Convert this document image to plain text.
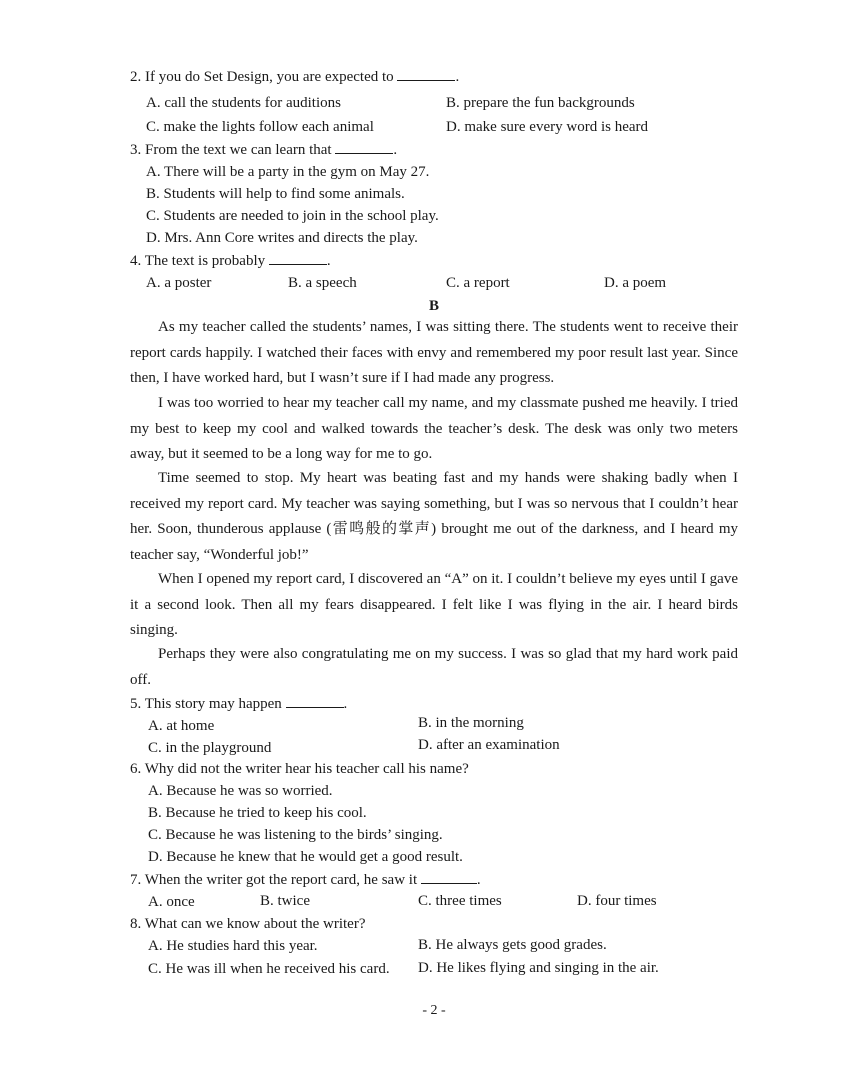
2. If you do Set Design, you are expected to	.
A. call the students for auditions	B. prepare the fun backgrounds
C. make the lights follow each animal	D. make sure every word is heard
3. From the text we can learn that	.
A. There will be a party in the gym on May 27.
B. Students will help to find some animals.
C. Students are needed to join in the school play.
D. Mrs. Ann Core writes and directs the play.
4. The text is probably	.
A. a poster	B. a speech	C. a report	D. a poem
B
As my teacher called the students’ names, I was sitting there. The students went to receive their report cards happily. I watched their faces with envy and remembered my poor result last year. Since then, I have worked hard, but I wasn’t sure if I had made any progress.
I was too worried to hear my teacher call my name, and my classmate pushed me heavily. I tried my best to keep my cool and walked towards the teacher’s desk. The desk was only two meters away, but it seemed to be a long way for me to go.
Time seemed to stop. My heart was beating fast and my hands were shaking badly when I received my report card. My teacher was saying something, but I was so nervous that I couldn’t hear her. Soon, thunderous applause (雷鸣般的掌声) brought me out of the darkness, and I heard my teacher say, “Wonderful job!”
When I opened my report card, I discovered an “A” on it. I couldn’t believe my eyes until I gave it a second look. Then all my fears disappeared. I felt like I was flying in the air. I heard birds singing.
Perhaps they were also congratulating me on my success. I was so glad that my hard work paid off.
5. This story may happen	.
A. at home	B. in the morning
C. in the playground	D. after an examination
6. Why did not the writer hear his teacher call his name?
A. Because he was so worried.
B. Because he tried to keep his cool.
C. Because he was listening to the birds’ singing.
D. Because he knew that he would get a good result.
7. When the writer got the report card, he saw it	.
A. once	B. twice	C. three times	D. four times
8. What can we know about the writer?
A. He studies hard this year.	B. He always gets good grades.
C. He was ill when he received his card. D. He likes flying and singing in the air.
- 2 -
